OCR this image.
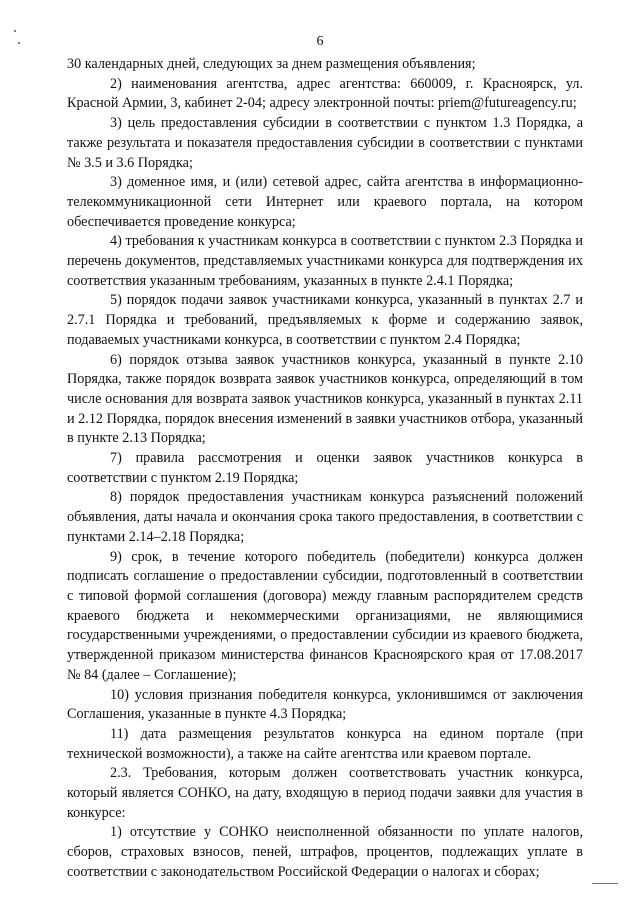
6

30 календарных дней, следующих за днем размещения объявления;

2) наименования агентства, адрес агентства: 660009, г. Красноярск, ул. Красной Армии, 3, кабинет 2-04; адресу электронной почты: priem@futureagency.ru;

3) цель предоставления субсидии в соответствии с пунктом 1.3 Порядка, а также результата и показателя предоставления субсидии в соответствии с пунктами № 3.5 и 3.6 Порядка;

3) доменное имя, и (или) сетевой адрес, сайта агентства в информационно-телекоммуникационной сети Интернет или краевого портала, на котором обеспечивается проведение конкурса;

4) требования к участникам конкурса в соответствии с пунктом 2.3 Порядка и перечень документов, представляемых участниками конкурса для подтверждения их соответствия указанным требованиям, указанных в пункте 2.4.1 Порядка;

5) порядок подачи заявок участниками конкурса, указанный в пунктах 2.7 и 2.7.1 Порядка и требований, предъявляемых к форме и содержанию заявок, подаваемых участниками конкурса, в соответствии с пунктом 2.4 Порядка;

6) порядок отзыва заявок участников конкурса, указанный в пункте 2.10 Порядка, также порядок возврата заявок участников конкурса, определяющий в том числе основания для возврата заявок участников конкурса, указанный в пунктах 2.11 и 2.12 Порядка, порядок внесения изменений в заявки участников отбора, указанный в пункте 2.13 Порядка;

7) правила рассмотрения и оценки заявок участников конкурса в соответствии с пунктом 2.19 Порядка;

8) порядок предоставления участникам конкурса разъяснений положений объявления, даты начала и окончания срока такого предоставления, в соответствии с пунктами 2.14–2.18 Порядка;

9) срок, в течение которого победитель (победители) конкурса должен подписать соглашение о предоставлении субсидии, подготовленный в соответствии с типовой формой соглашения (договора) между главным распорядителем средств краевого бюджета и некоммерческими организациями, не являющимися государственными учреждениями, о предоставлении субсидии из краевого бюджета, утвержденной приказом министерства финансов Красноярского края от 17.08.2017 № 84 (далее – Соглашение);

10) условия признания победителя конкурса, уклонившимся от заключения Соглашения, указанные в пункте 4.3 Порядка;

11) дата размещения результатов конкурса на едином портале (при технической возможности), а также на сайте агентства или краевом портале.

2.3. Требования, которым должен соответствовать участник конкурса, который является СОНКО, на дату, входящую в период подачи заявки для участия в конкурсе:

1) отсутствие у СОНКО неисполненной обязанности по уплате налогов, сборов, страховых взносов, пеней, штрафов, процентов, подлежащих уплате в соответствии с законодательством Российской Федерации о налогах и сборах;
